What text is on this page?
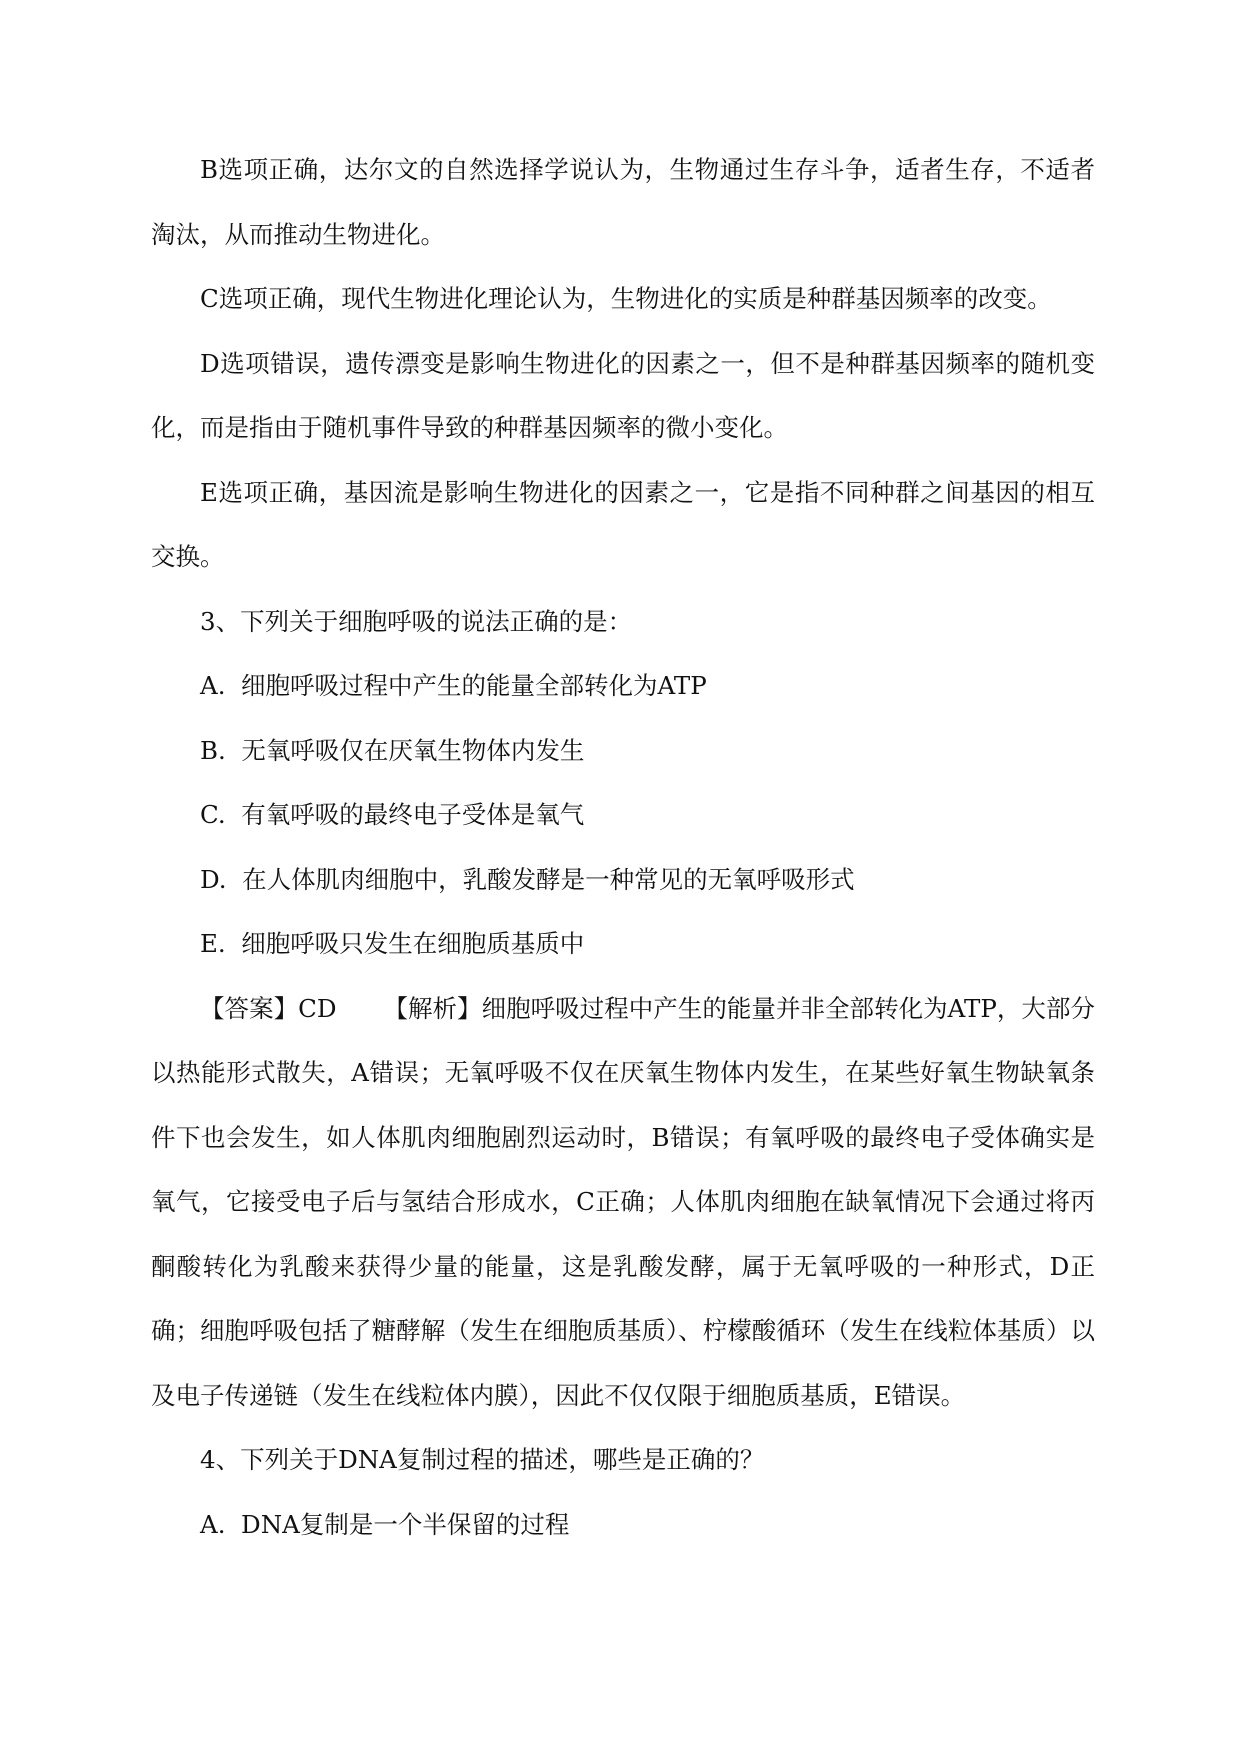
B选项正确，达尔文的自然选择学说认为，生物通过生存斗争，适者生存，不适者淘汰，从而推动生物进化。

C选项正确，现代生物进化理论认为，生物进化的实质是种群基因频率的改变。

D选项错误，遗传漂变是影响生物进化的因素之一，但不是种群基因频率的随机变化，而是指由于随机事件导致的种群基因频率的微小变化。

E选项正确，基因流是影响生物进化的因素之一，它是指不同种群之间基因的相互交换。

3、下列关于细胞呼吸的说法正确的是：

A.  细胞呼吸过程中产生的能量全部转化为ATP

B.  无氧呼吸仅在厌氧生物体内发生

C.  有氧呼吸的最终电子受体是氧气

D.  在人体肌肉细胞中，乳酸发酵是一种常见的无氧呼吸形式

E.  细胞呼吸只发生在细胞质基质中

【答案】CD      【解析】细胞呼吸过程中产生的能量并非全部转化为ATP，大部分以热能形式散失，A错误；无氧呼吸不仅在厌氧生物体内发生，在某些好氧生物缺氧条件下也会发生，如人体肌肉细胞剧烈运动时，B错误；有氧呼吸的最终电子受体确实是氧气，它接受电子后与氢结合形成水，C正确；人体肌肉细胞在缺氧情况下会通过将丙酮酸转化为乳酸来获得少量的能量，这是乳酸发酵，属于无氧呼吸的一种形式，D正确；细胞呼吸包括了糖酵解（发生在细胞质基质）、柠檬酸循环（发生在线粒体基质）以及电子传递链（发生在线粒体内膜），因此不仅仅限于细胞质基质，E错误。

4、下列关于DNA复制过程的描述，哪些是正确的？

A.  DNA复制是一个半保留的过程
